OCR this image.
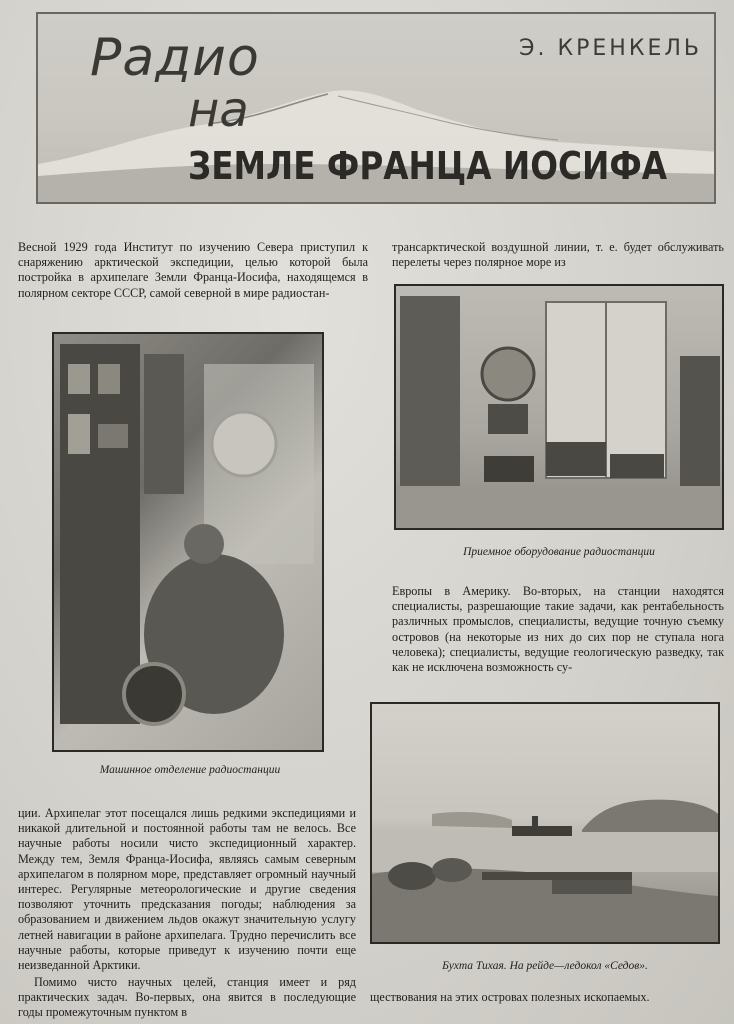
Радио
на
Э. КРЕНКЕЛЬ
ЗЕМЛЕ ФРАНЦА ИОСИФА

Весной 1929 года Институт по изучению Севера приступил к снаряжению арктической экспедиции, целью которой была постройка в архипелаге Земли Франца-Иосифа, находящемся в полярном секторе СССР, самой северной в мире радиостан-

Машинное отделение радиостанции

ции. Архипелаг этот посещался лишь редкими экспедициями и никакой длительной и постоянной работы там не велось. Все научные работы носили чисто экспедиционный характер. Между тем, Земля Франца-Иосифа, являясь самым северным архипелагом в полярном море, представляет огромный научный интерес. Регулярные метеорологические и другие сведения позволяют уточнить предсказания погоды; наблюдения за образованием и движением льдов окажут значительную услугу летней навигации в районе архипелага. Трудно перечислить все научные работы, которые приведут к изучению почти еще неизведанной Арктики.

Помимо чисто научных целей, станция имеет и ряд практических задач. Во-первых, она явится в последующие годы промежуточным пунктом в

трансарктической воздушной линии, т. е. будет обслуживать перелеты через полярное море из

Приемное оборудование радиостанции

Европы в Америку. Во-вторых, на станции находятся специалисты, разрешающие такие задачи, как рентабельность различных промыслов, специалисты, ведущие точную съемку островов (на некоторые из них до сих пор не ступала нога человека); специалисты, ведущие геологическую разведку, так как не исключена возможность су-

Бухта Тихая. На рейде—ледокол «Седов».

ществования на этих островах полезных ископаемых.
